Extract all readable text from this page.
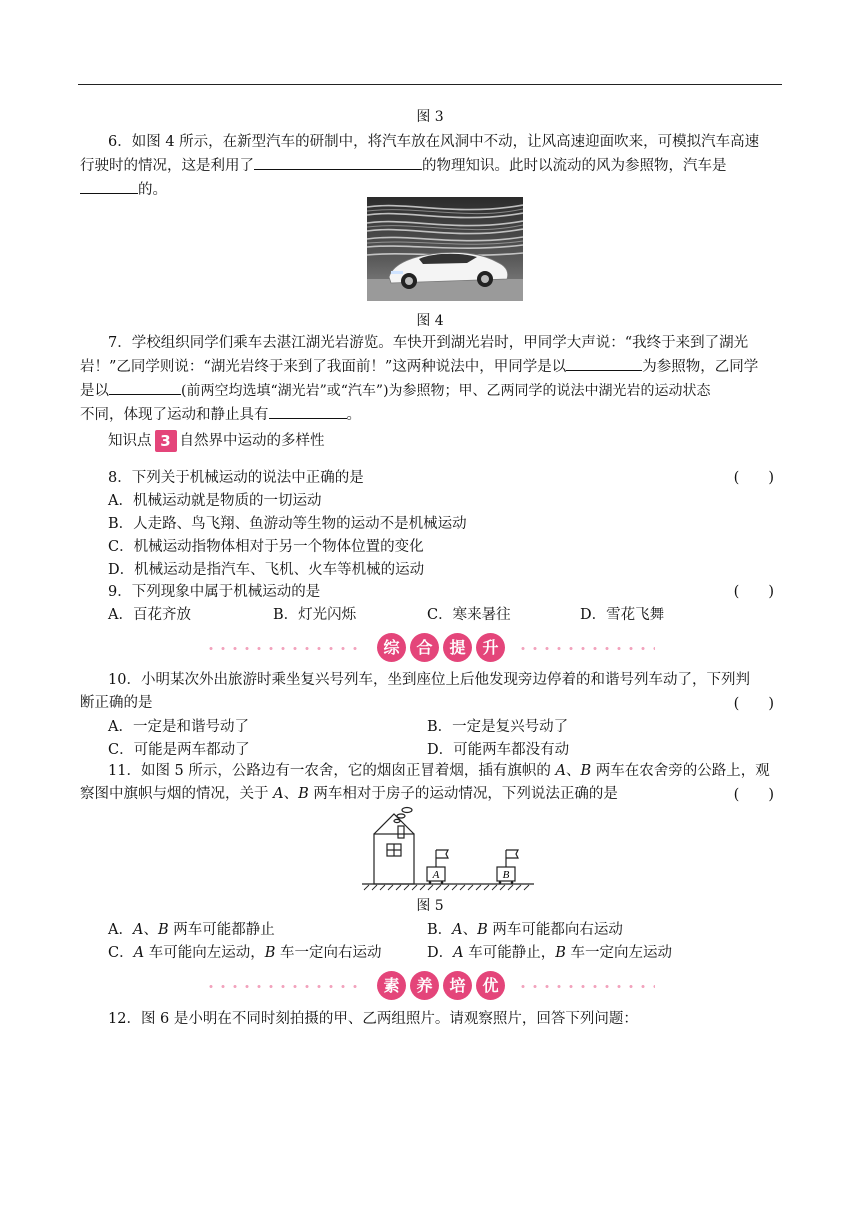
图 3
6．如图 4 所示，在新型汽车的研制中，将汽车放在风洞中不动，让风高速迎面吹来，可模拟汽车高速
行驶时的情况，这是利用了	的物理知识。此时以流动的风为参照物，汽车是
的。
图 4
7．学校组织同学们乘车去湛江湖光岩游览。车快开到湖光岩时，甲同学大声说：“我终于来到了湖光
岩！”乙同学则说：“湖光岩终于来到了我面前！”这两种说法中，甲同学是以	为参照物，乙同学
是以	(前两空均选填“湖光岩”或“汽车”)为参照物；甲、乙两同学的说法中湖光岩的运动状态
不同，体现了运动和静止具有	。
知识点 3 自然界中运动的多样性
8．下列关于机械运动的说法中正确的是	(　　)
A．机械运动就是物质的一切运动
B．人走路、鸟飞翔、鱼游动等生物的运动不是机械运动
C．机械运动指物体相对于另一个物体位置的变化
D．机械运动是指汽车、飞机、火车等机械的运动
9．下列现象中属于机械运动的是	(　　)
A．百花齐放	B．灯光闪烁	C．寒来暑往	D．雪花飞舞
综	合	提	升
10．小明某次外出旅游时乘坐复兴号列车，坐到座位上后他发现旁边停着的和谐号列车动了，下列判
断正确的是	(　　)
A．一定是和谐号动了	B．一定是复兴号动了
C．可能是两车都动了	D．可能两车都没有动
11．如图 5 所示，公路边有一农舍，它的烟囱正冒着烟，插有旗帜的 A、B 两车在农舍旁的公路上，观
察图中旗帜与烟的情况，关于 A、B 两车相对于房子的运动情况，下列说法正确的是	(　　)
A	B
图 5
A．A、B 两车可能都静止	B．A、B 两车可能都向右运动
C．A 车可能向左运动，B 车一定向右运动	D．A 车可能静止，B 车一定向左运动
素	养	培	优
12．图 6 是小明在不同时刻拍摄的甲、乙两组照片。请观察照片，回答下列问题：
